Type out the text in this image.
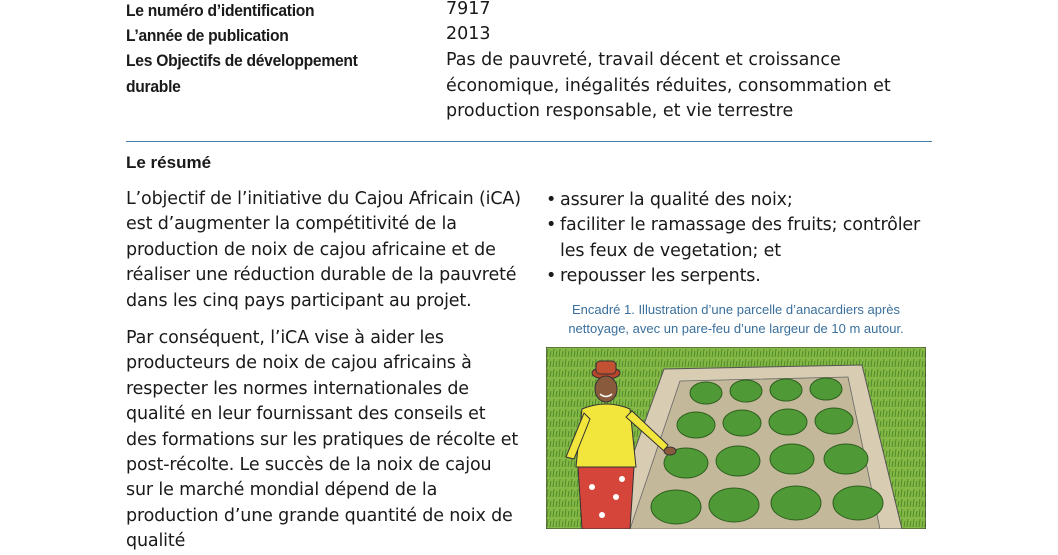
Le numéro d’identification	7917
L’année de publication	2013
Les Objectifs de développement
durable
Pas de pauvreté, travail décent et croissance économique, inégalités réduites, consommation et production responsable, et vie terrestre
Le résumé
L’objectif de l’initiative du Cajou Africain (iCA) est d’augmenter la compétitivité de la production de noix de cajou africaine et de réaliser une réduction durable de la pauvreté dans les cinq pays participant au projet.
Par conséquent, l’iCA vise à aider les producteurs de noix de cajou africains à respecter les normes internationales de qualité en leur fournissant des conseils et des formations sur les pratiques de récolte et post-récolte. Le succès de la noix de cajou sur le marché mondial dépend de la production d’une grande quantité de noix de qualité
• assurer la qualité des noix;
• faciliter le ramassage des fruits; contrôler les feux de vegetation; et
• repousser les serpents.
Encadré 1. Illustration d’une parcelle d’anacardiers après nettoyage, avec un pare-feu d’une largeur de 10 m autour.
